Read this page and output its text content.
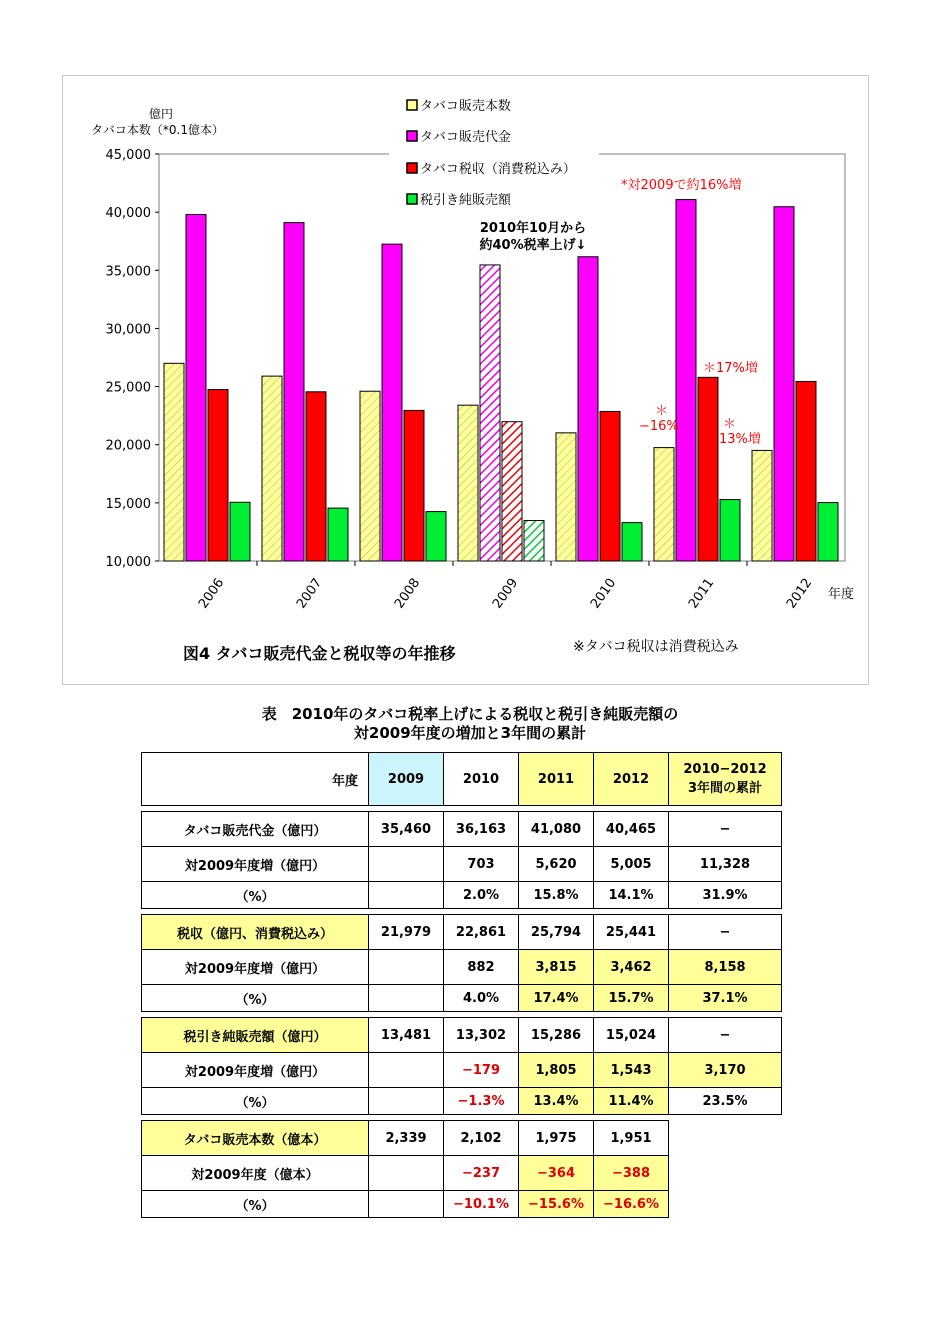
10,000
15,000
20,000
25,000
30,000
35,000
40,000
45,000
2006	2007	2008	2009	2010	2011	2012
億円
タバコ本数（*0.1億本）
年度
タバコ販売本数
タバコ販売代金
タバコ税収（消費税込み）
税引き純販売額
2010年10月から
約40%税率上げ↓
*対2009で約16%増
＊17%増
＊
−16%	＊
13%増
図4 タバコ販売代金と税収等の年推移	※タバコ税収は消費税込み
表　2010年のタバコ税率上げによる税収と税引き純販売額の
対2009年度の増加と3年間の累計
年度	2009	2010	2011	2012	2010−2012
3年間の累計

タバコ販売代金（億円）	35,460	36,163	41,080	40,465	−
対2009年度増（億円）		703	5,620	5,005	11,328
（%）		2.0%	15.8%	14.1%	31.9%

税収（億円、消費税込み）	21,979	22,861	25,794	25,441	−
対2009年度増（億円）		882	3,815	3,462	8,158
（%）		4.0%	17.4%	15.7%	37.1%

税引き純販売額（億円）	13,481	13,302	15,286	15,024	−
対2009年度増（億円）		−179	1,805	1,543	3,170
（%）		−1.3%	13.4%	11.4%	23.5%

タバコ販売本数（億本）	2,339	2,102	1,975	1,951	
対2009年度（億本）		−237	−364	−388	
（%）		−10.1%	−15.6%	−16.6%	
